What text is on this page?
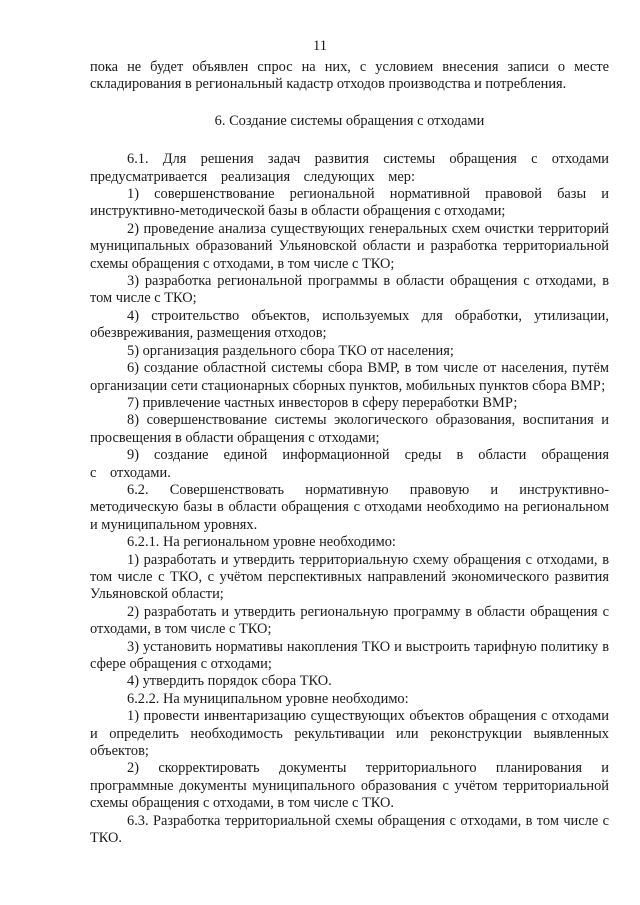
11

пока не будет объявлен спрос на них, с условием внесения записи о месте складирования в региональный кадастр отходов производства и потребления.

6. Создание системы обращения с отходами

6.1. Для решения задач развития системы обращения с отходами предусматривается реализация следующих мер:

1) совершенствование региональной нормативной правовой базы и инструктивно-методической базы в области обращения с отходами;

2) проведение анализа существующих генеральных схем очистки территорий муниципальных образований Ульяновской области и разработка территориальной схемы обращения с отходами, в том числе с ТКО;

3) разработка региональной программы в области обращения с отходами, в том числе с ТКО;

4) строительство объектов, используемых для обработки, утилизации, обезвреживания, размещения отходов;

5) организация раздельного сбора ТКО от населения;

6) создание областной системы сбора ВМР, в том числе от населения, путём организации сети стационарных сборных пунктов, мобильных пунктов сбора ВМР;

7) привлечение частных инвесторов в сферу переработки ВМР;

8) совершенствование системы экологического образования, воспитания и просвещения в области обращения с отходами;

9) создание единой информационной среды в области обращения с отходами.

6.2. Совершенствовать нормативную правовую и инструктивно-методическую базы в области обращения с отходами необходимо на региональном и муниципальном уровнях.

6.2.1. На региональном уровне необходимо:

1) разработать и утвердить территориальную схему обращения с отходами, в том числе с ТКО, с учётом перспективных направлений экономического развития Ульяновской области;

2) разработать и утвердить региональную программу в области обращения с отходами, в том числе с ТКО;

3) установить нормативы накопления ТКО и выстроить тарифную политику в сфере обращения с отходами;

4) утвердить порядок сбора ТКО.

6.2.2. На муниципальном уровне необходимо:

1) провести инвентаризацию существующих объектов обращения с отходами и определить необходимость рекультивации или реконструкции выявленных объектов;

2) скорректировать документы территориального планирования и программные документы муниципального образования с учётом территориальной схемы обращения с отходами, в том числе с ТКО.

6.3. Разработка территориальной схемы обращения с отходами, в том числе с ТКО.
